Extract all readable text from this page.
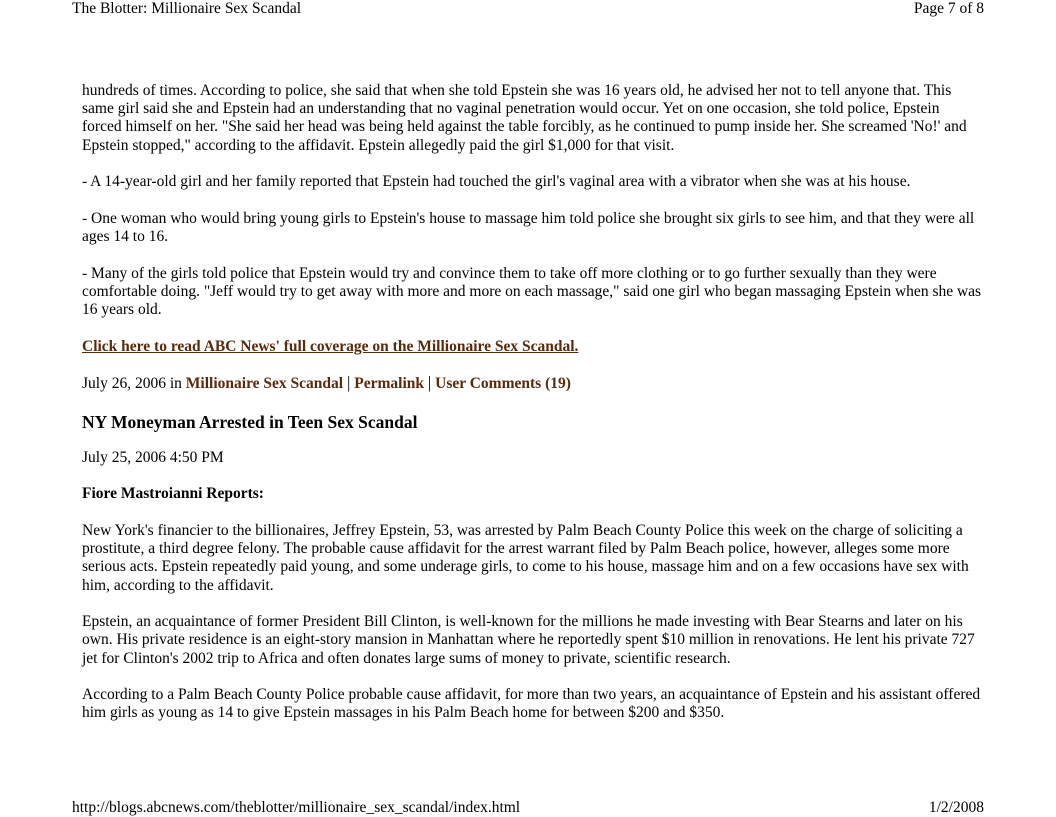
The Blotter: Millionaire Sex Scandal	Page 7 of 8

hundreds of times. According to police, she said that when she told Epstein she was 16 years old, he advised her not to tell anyone that. This same girl said she and Epstein had an understanding that no vaginal penetration would occur. Yet on one occasion, she told police, Epstein forced himself on her. "She said her head was being held against the table forcibly, as he continued to pump inside her. She screamed 'No!' and Epstein stopped," according to the affidavit. Epstein allegedly paid the girl $1,000 for that visit.

- A 14-year-old girl and her family reported that Epstein had touched the girl's vaginal area with a vibrator when she was at his house.

- One woman who would bring young girls to Epstein's house to massage him told police she brought six girls to see him, and that they were all ages 14 to 16.

- Many of the girls told police that Epstein would try and convince them to take off more clothing or to go further sexually than they were comfortable doing. "Jeff would try to get away with more and more on each massage," said one girl who began massaging Epstein when she was 16 years old.

Click here to read ABC News' full coverage on the Millionaire Sex Scandal.

July 26, 2006 in Millionaire Sex Scandal | Permalink | User Comments (19)

NY Moneyman Arrested in Teen Sex Scandal

July 25, 2006 4:50 PM

Fiore Mastroianni Reports:

New York's financier to the billionaires, Jeffrey Epstein, 53, was arrested by Palm Beach County Police this week on the charge of soliciting a prostitute, a third degree felony. The probable cause affidavit for the arrest warrant filed by Palm Beach police, however, alleges some more serious acts. Epstein repeatedly paid young, and some underage girls, to come to his house, massage him and on a few occasions have sex with him, according to the affidavit.

Epstein, an acquaintance of former President Bill Clinton, is well-known for the millions he made investing with Bear Stearns and later on his own. His private residence is an eight-story mansion in Manhattan where he reportedly spent $10 million in renovations. He lent his private 727 jet for Clinton's 2002 trip to Africa and often donates large sums of money to private, scientific research.

According to a Palm Beach County Police probable cause affidavit, for more than two years, an acquaintance of Epstein and his assistant offered him girls as young as 14 to give Epstein massages in his Palm Beach home for between $200 and $350.

http://blogs.abcnews.com/theblotter/millionaire_sex_scandal/index.html	1/2/2008
